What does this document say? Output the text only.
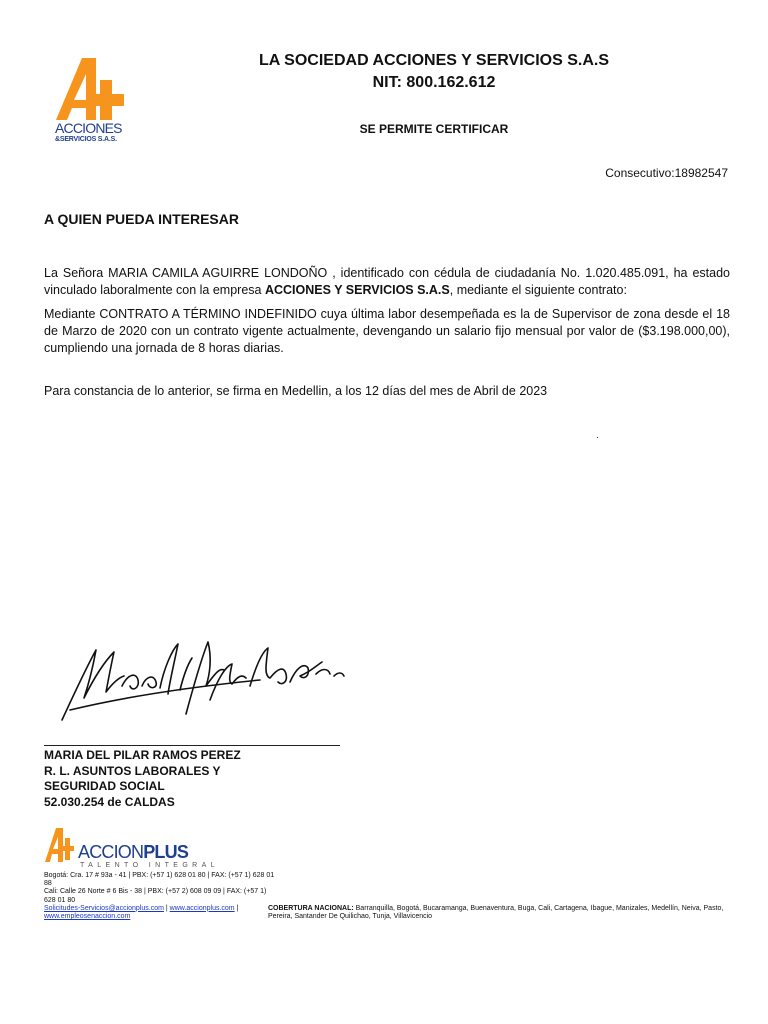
ACCIONES
&SERVICIOS S.A.S.
LA SOCIEDAD ACCIONES Y SERVICIOS S.A.S
NIT: 800.162.612
SE PERMITE CERTIFICAR
Consecutivo:18982547
A QUIEN PUEDA INTERESAR
La Señora MARIA CAMILA AGUIRRE LONDOÑO , identificado con cédula de ciudadanía No. 1.020.485.091, ha estado vinculado laboralmente con la empresa ACCIONES Y SERVICIOS S.A.S, mediante el siguiente contrato:
Mediante CONTRATO A TÉRMINO INDEFINIDO cuya última labor desempeñada es la de Supervisor de zona desde el 18 de Marzo de 2020 con un contrato vigente actualmente, devengando un salario fijo mensual por valor de ($3.198.000,00), cumpliendo una jornada de 8 horas diarias.
Para constancia de lo anterior, se firma en Medellin, a los 12 días del mes de Abril de 2023
.
MARIA DEL PILAR RAMOS PEREZ
R. L. ASUNTOS LABORALES Y
SEGURIDAD SOCIAL
52.030.254 de CALDAS
ACCIONPLUS
TALENTO INTEGRAL
Bogotá: Cra. 17 # 93a - 41 | PBX: (+57 1) 628 01 80 | FAX: (+57 1) 628 01 88
Cali: Calle 26 Norte # 6 Bis - 38 | PBX: (+57 2) 608 09 09 | FAX: (+57 1) 628 01 80
Solicitudes-Servicios@accionplus.com | www.accionplus.com | www.empleosenaccion.com
COBERTURA NACIONAL: Barranquilla, Bogotá, Bucaramanga, Buenaventura, Buga, Cali, Cartagena, Ibague, Manizales, Medellín, Neiva, Pasto, Pereira, Santander De Quilichao, Tunja, Villavicencio
